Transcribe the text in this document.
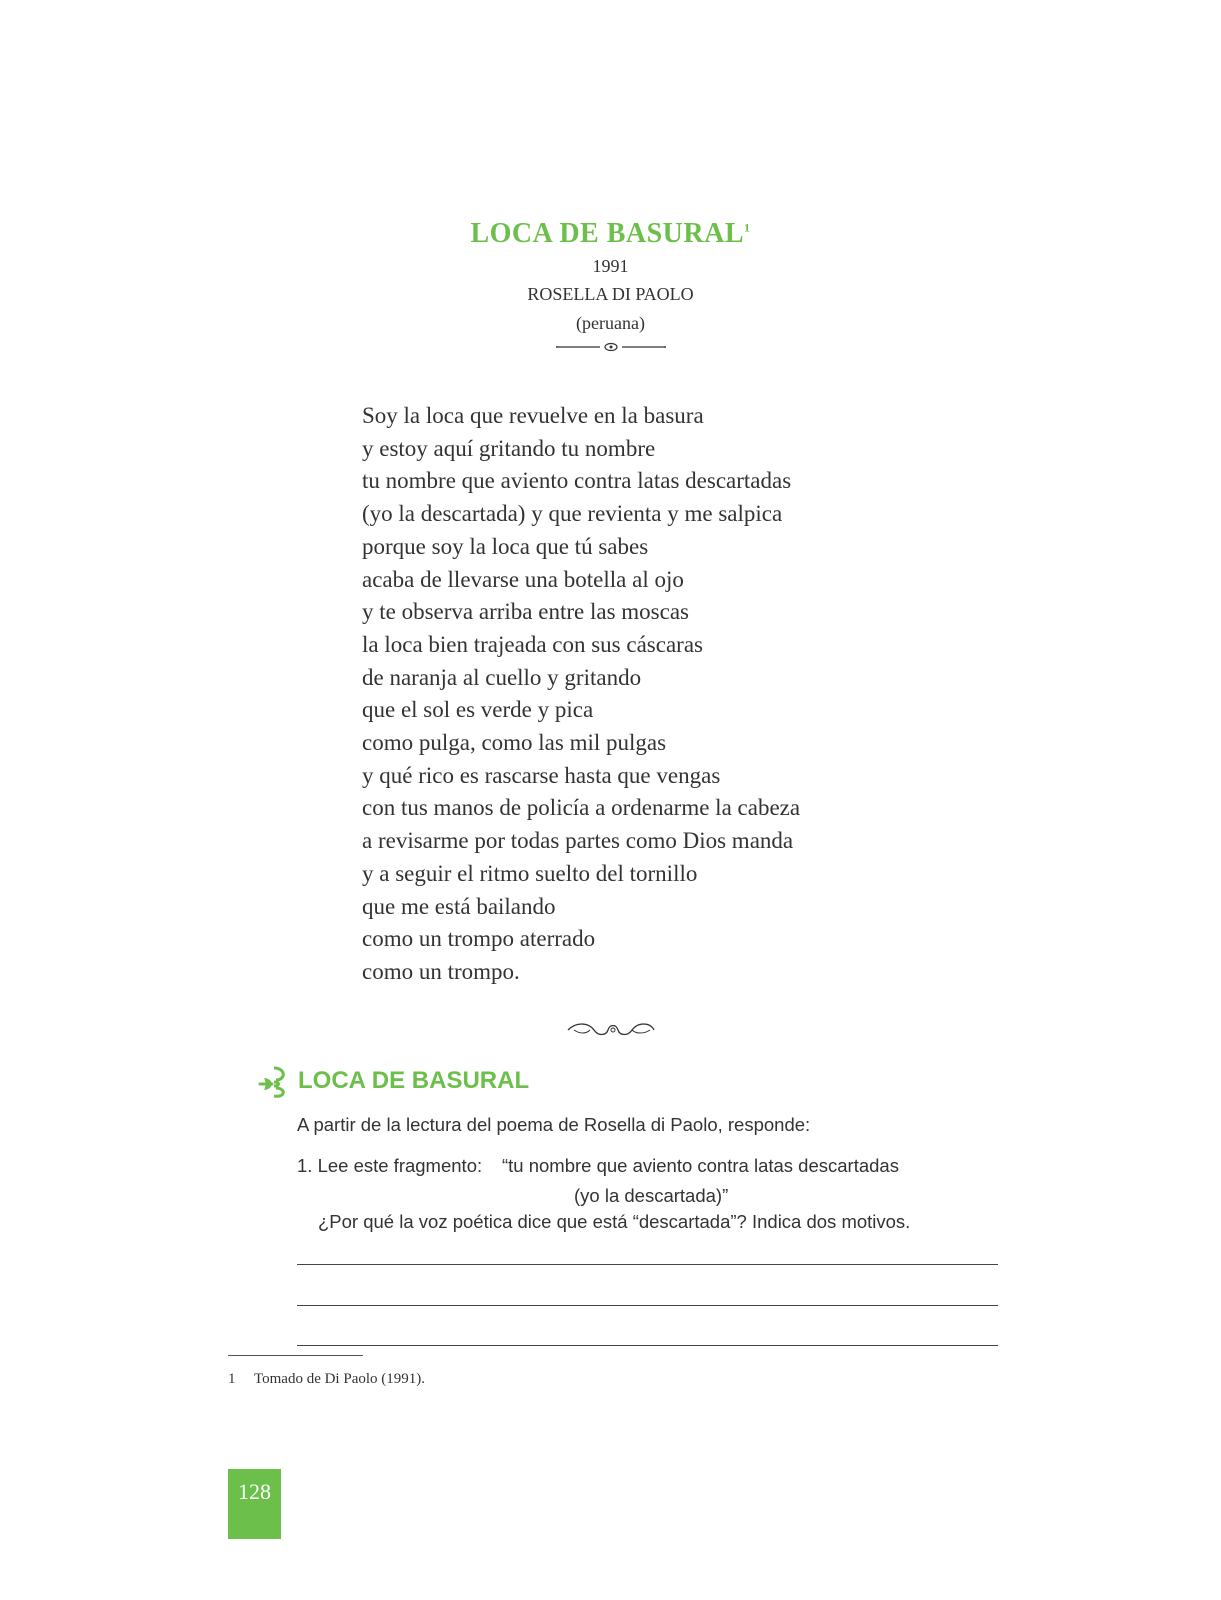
LOCA DE BASURAL$^1$
1991
ROSELLA DI PAOLO
(peruana)
Soy la loca que revuelve en la basura
y estoy aquí gritando tu nombre
tu nombre que aviento contra latas descartadas
(yo la descartada) y que revienta y me salpica
porque soy la loca que tú sabes
acaba de llevarse una botella al ojo
y te observa arriba entre las moscas
la loca bien trajeada con sus cáscaras
de naranja al cuello y gritando
que el sol es verde y pica
como pulga, como las mil pulgas
y qué rico es rascarse hasta que vengas
con tus manos de policía a ordenarme la cabeza
a revisarme por todas partes como Dios manda
y a seguir el ritmo suelto del tornillo
que me está bailando
como un trompo aterrado
como un trompo.
LOCA DE BASURAL
A partir de la lectura del poema de Rosella di Paolo, responde:
1. Lee este fragmento: “tu nombre que aviento contra latas descartadas
(yo la descartada)”
¿Por qué la voz poética dice que está “descartada”? Indica dos motivos.
1 Tomado de Di Paolo (1991).
128
